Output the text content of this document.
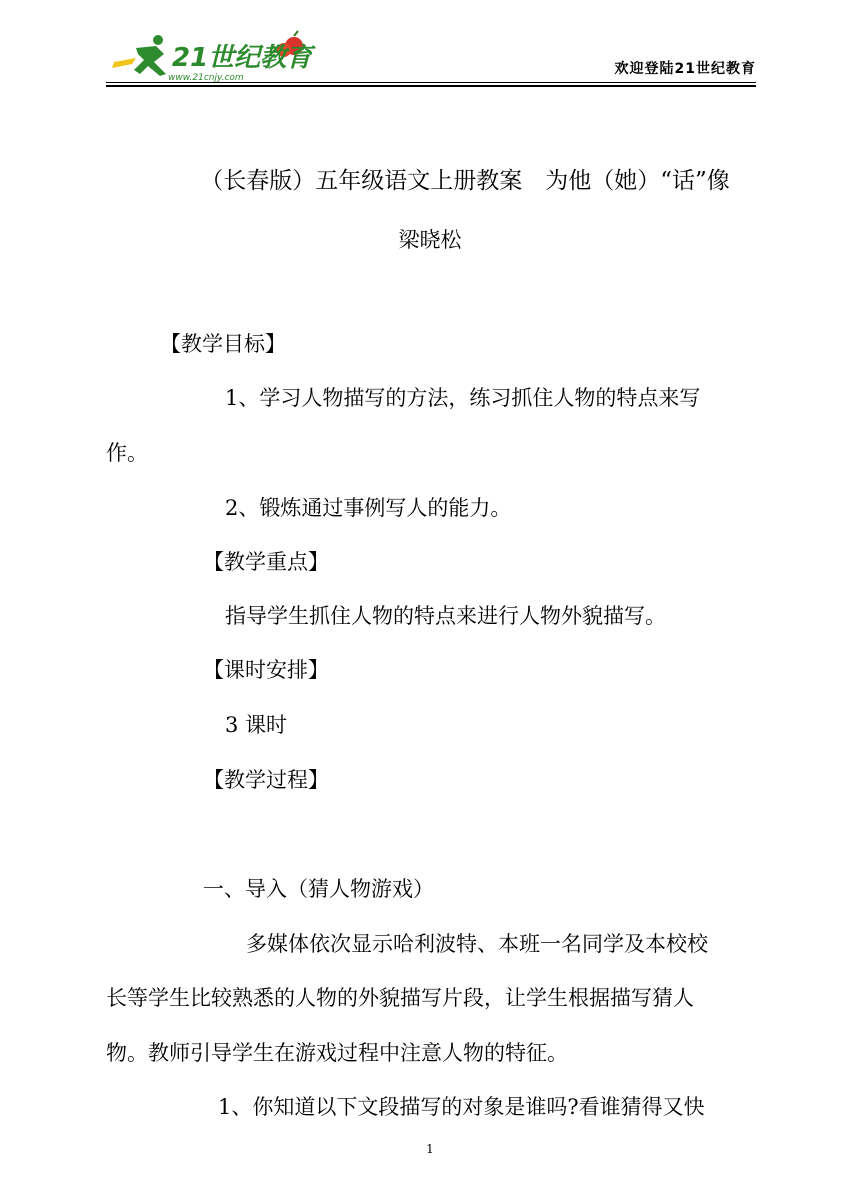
21世纪教育
www.21cnjy.com
欢迎登陆21世纪教育
（长春版）五年级语文上册教案　为他（她）“话”像
梁晓松
【教学目标】
1、学习人物描写的方法，练习抓住人物的特点来写
作。
2、锻炼通过事例写人的能力。
【教学重点】
指导学生抓住人物的特点来进行人物外貌描写。
【课时安排】
3 课时
【教学过程】
一、导入（猜人物游戏）
多媒体依次显示哈利波特、本班一名同学及本校校
长等学生比较熟悉的人物的外貌描写片段，让学生根据描写猜人
物。教师引导学生在游戏过程中注意人物的特征。
1、你知道以下文段描写的对象是谁吗?看谁猜得又快
1
